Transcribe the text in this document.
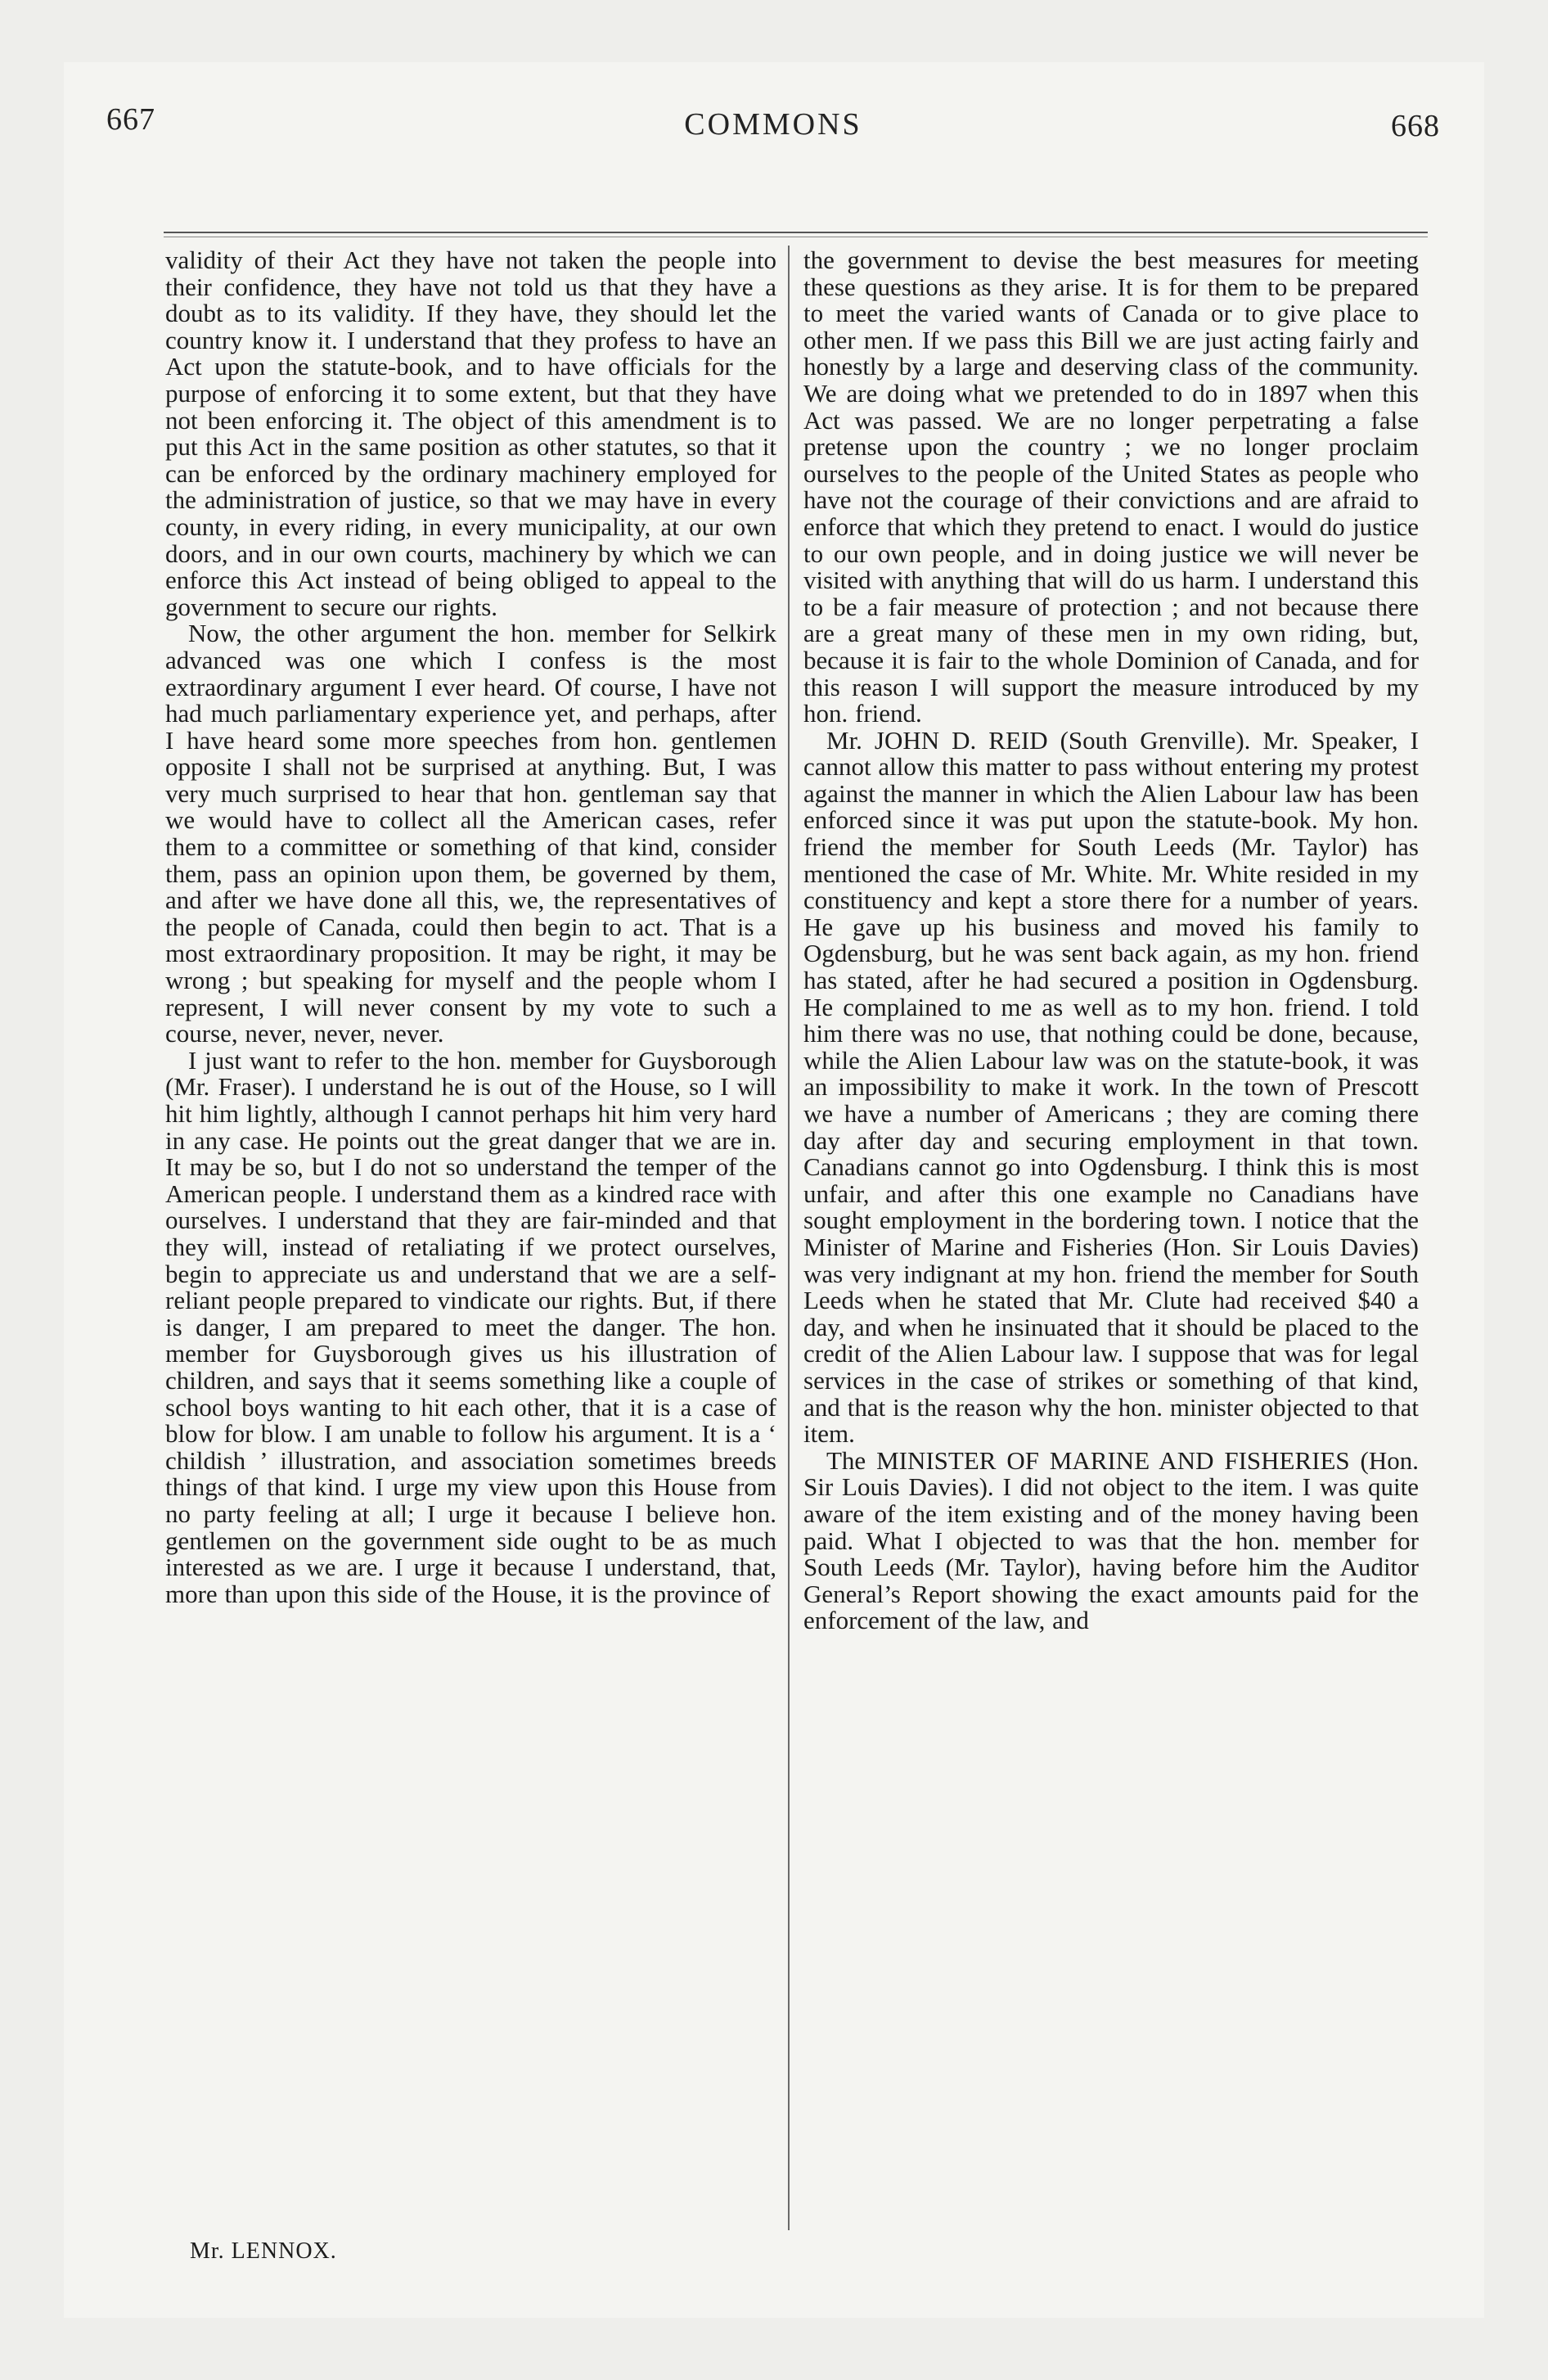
667	COMMONS	668

validity of their Act they have not taken the people into their confidence, they have not told us that they have a doubt as to its validity. If they have, they should let the country know it. I understand that they profess to have an Act upon the statute-book, and to have officials for the purpose of enforcing it to some extent, but that they have not been enforcing it. The object of this amendment is to put this Act in the same position as other statutes, so that it can be enforced by the ordinary machinery employed for the administration of justice, so that we may have in every county, in every riding, in every municipality, at our own doors, and in our own courts, machinery by which we can enforce this Act instead of being obliged to appeal to the government to secure our rights.

Now, the other argument the hon. member for Selkirk advanced was one which I confess is the most extraordinary argument I ever heard. Of course, I have not had much parliamentary experience yet, and perhaps, after I have heard some more speeches from hon. gentlemen opposite I shall not be surprised at anything. But, I was very much surprised to hear that hon. gentleman say that we would have to collect all the American cases, refer them to a committee or something of that kind, consider them, pass an opinion upon them, be governed by them, and after we have done all this, we, the representatives of the people of Canada, could then begin to act. That is a most extraordinary proposition. It may be right, it may be wrong ; but speaking for myself and the people whom I represent, I will never consent by my vote to such a course, never, never, never.

I just want to refer to the hon. member for Guysborough (Mr. Fraser). I understand he is out of the House, so I will hit him lightly, although I cannot perhaps hit him very hard in any case. He points out the great danger that we are in. It may be so, but I do not so understand the temper of the American people. I understand them as a kindred race with ourselves. I understand that they are fair-minded and that they will, instead of retaliating if we protect ourselves, begin to appreciate us and understand that we are a self-reliant people prepared to vindicate our rights. But, if there is danger, I am prepared to meet the danger. The hon. member for Guysborough gives us his illustration of children, and says that it seems something like a couple of school boys wanting to hit each other, that it is a case of blow for blow. I am unable to follow his argument. It is a ‘ childish ’ illustration, and association sometimes breeds things of that kind. I urge my view upon this House from no party feeling at all; I urge it because I believe hon. gentlemen on the government side ought to be as much interested as we are. I urge it because I understand, that, more than upon this side of the House, it is the province of

the government to devise the best measures for meeting these questions as they arise. It is for them to be prepared to meet the varied wants of Canada or to give place to other men. If we pass this Bill we are just acting fairly and honestly by a large and deserving class of the community. We are doing what we pretended to do in 1897 when this Act was passed. We are no longer perpetrating a false pretense upon the country ; we no longer proclaim ourselves to the people of the United States as people who have not the courage of their convictions and are afraid to enforce that which they pretend to enact. I would do justice to our own people, and in doing justice we will never be visited with anything that will do us harm. I understand this to be a fair measure of protection ; and not because there are a great many of these men in my own riding, but, because it is fair to the whole Dominion of Canada, and for this reason I will support the measure introduced by my hon. friend.

Mr. JOHN D. REID (South Grenville). Mr. Speaker, I cannot allow this matter to pass without entering my protest against the manner in which the Alien Labour law has been enforced since it was put upon the statute-book. My hon. friend the member for South Leeds (Mr. Taylor) has mentioned the case of Mr. White. Mr. White resided in my constituency and kept a store there for a number of years. He gave up his business and moved his family to Ogdensburg, but he was sent back again, as my hon. friend has stated, after he had secured a position in Ogdensburg. He complained to me as well as to my hon. friend. I told him there was no use, that nothing could be done, because, while the Alien Labour law was on the statute-book, it was an impossibility to make it work. In the town of Prescott we have a number of Americans ; they are coming there day after day and securing employment in that town. Canadians cannot go into Ogdensburg. I think this is most unfair, and after this one example no Canadians have sought employment in the bordering town. I notice that the Minister of Marine and Fisheries (Hon. Sir Louis Davies) was very indignant at my hon. friend the member for South Leeds when he stated that Mr. Clute had received $40 a day, and when he insinuated that it should be placed to the credit of the Alien Labour law. I suppose that was for legal services in the case of strikes or something of that kind, and that is the reason why the hon. minister objected to that item.

The MINISTER OF MARINE AND FISHERIES (Hon. Sir Louis Davies). I did not object to the item. I was quite aware of the item existing and of the money having been paid. What I objected to was that the hon. member for South Leeds (Mr. Taylor), having before him the Auditor General’s Report showing the exact amounts paid for the enforcement of the law, and

Mr. LENNOX.
